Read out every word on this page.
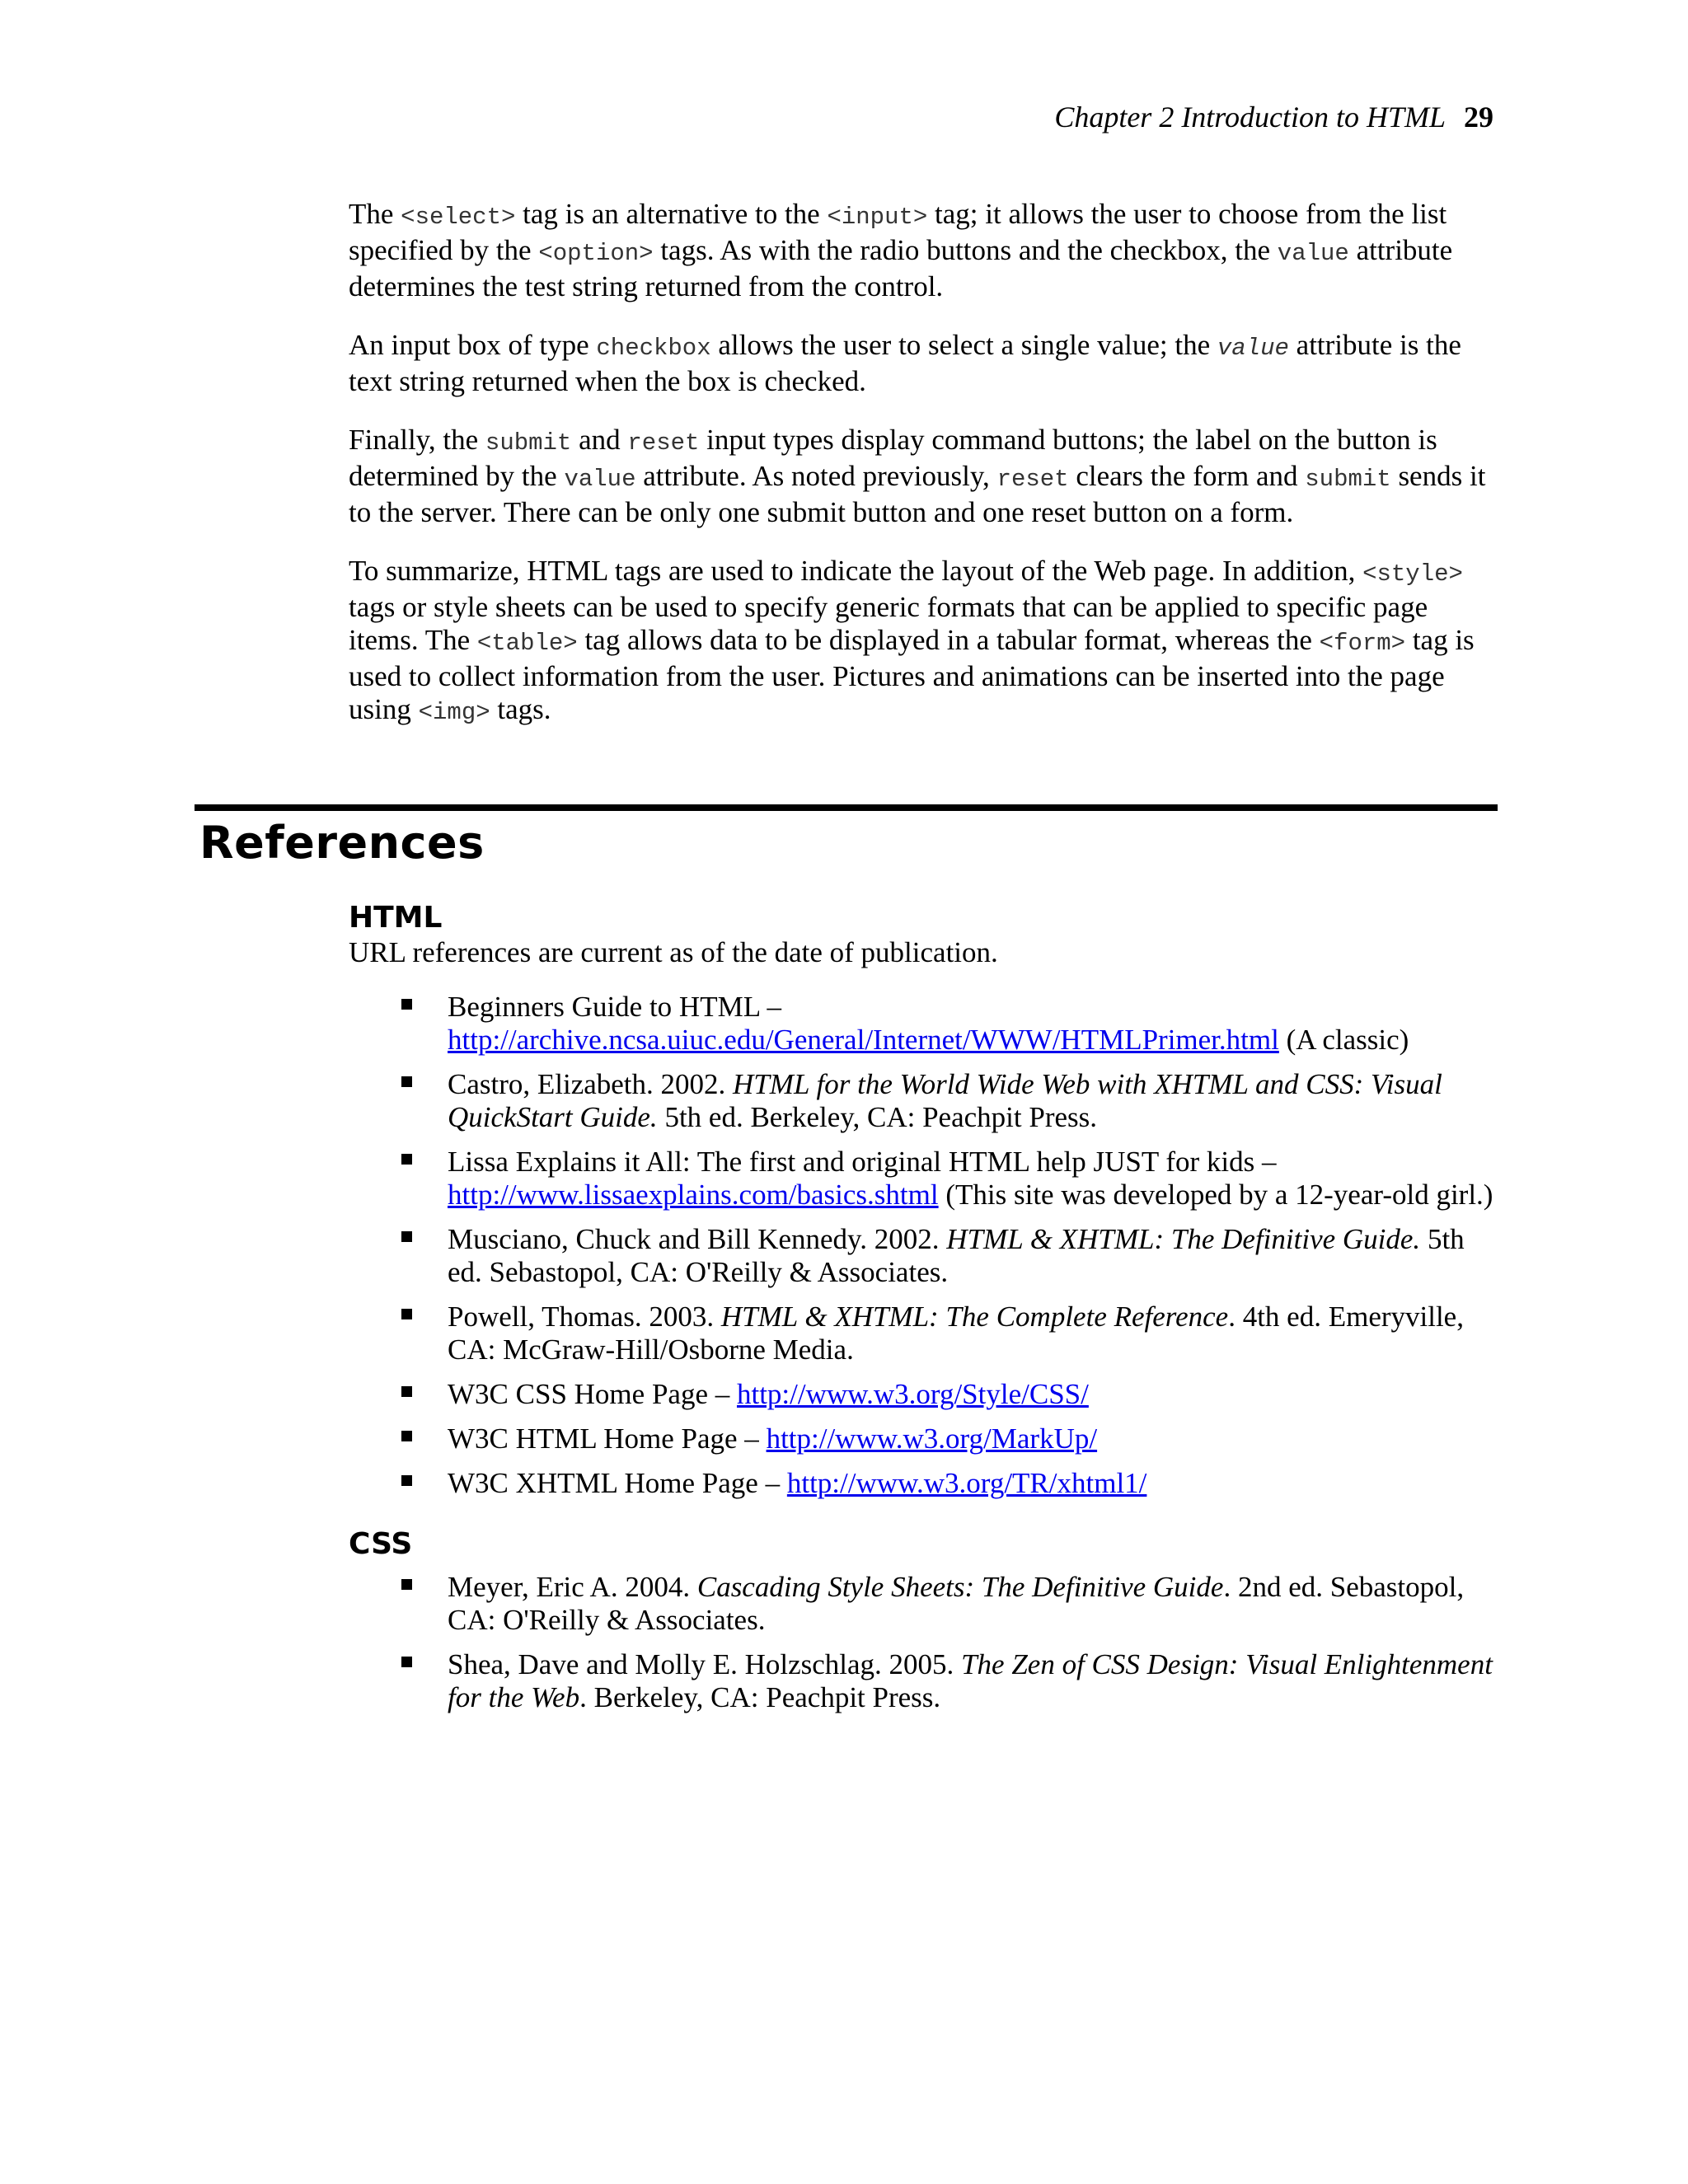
Chapter 2 Introduction to HTML 29

The <select> tag is an alternative to the <input> tag; it allows the user to choose from the list specified by the <option> tags. As with the radio buttons and the checkbox, the value attribute determines the test string returned from the control.

An input box of type checkbox allows the user to select a single value; the value attribute is the text string returned when the box is checked.

Finally, the submit and reset input types display command buttons; the label on the button is determined by the value attribute. As noted previously, reset clears the form and submit sends it to the server. There can be only one submit button and one reset button on a form.

To summarize, HTML tags are used to indicate the layout of the Web page. In addition, <style> tags or style sheets can be used to specify generic formats that can be applied to specific page items. The <table> tag allows data to be displayed in a tabular format, whereas the <form> tag is used to collect information from the user. Pictures and animations can be inserted into the page using <img> tags.

References
HTML

URL references are current as of the date of publication.

Beginners Guide to HTML – http://archive.ncsa.uiuc.edu/General/Internet/WWW/HTMLPrimer.html (A classic)
Castro, Elizabeth. 2002. HTML for the World Wide Web with XHTML and CSS: Visual QuickStart Guide. 5th ed. Berkeley, CA: Peachpit Press.
Lissa Explains it All: The first and original HTML help JUST for kids – http://www.lissaexplains.com/basics.shtml (This site was developed by a 12-year-old girl.)
Musciano, Chuck and Bill Kennedy. 2002. HTML & XHTML: The Definitive Guide. 5th ed. Sebastopol, CA: O'Reilly & Associates.
Powell, Thomas. 2003. HTML & XHTML: The Complete Reference. 4th ed. Emeryville, CA: McGraw-Hill/Osborne Media.
W3C CSS Home Page – http://www.w3.org/Style/CSS/
W3C HTML Home Page – http://www.w3.org/MarkUp/
W3C XHTML Home Page – http://www.w3.org/TR/xhtml1/
CSS
Meyer, Eric A. 2004. Cascading Style Sheets: The Definitive Guide. 2nd ed. Sebastopol, CA: O'Reilly & Associates.
Shea, Dave and Molly E. Holzschlag. 2005. The Zen of CSS Design: Visual Enlightenment for the Web. Berkeley, CA: Peachpit Press.
